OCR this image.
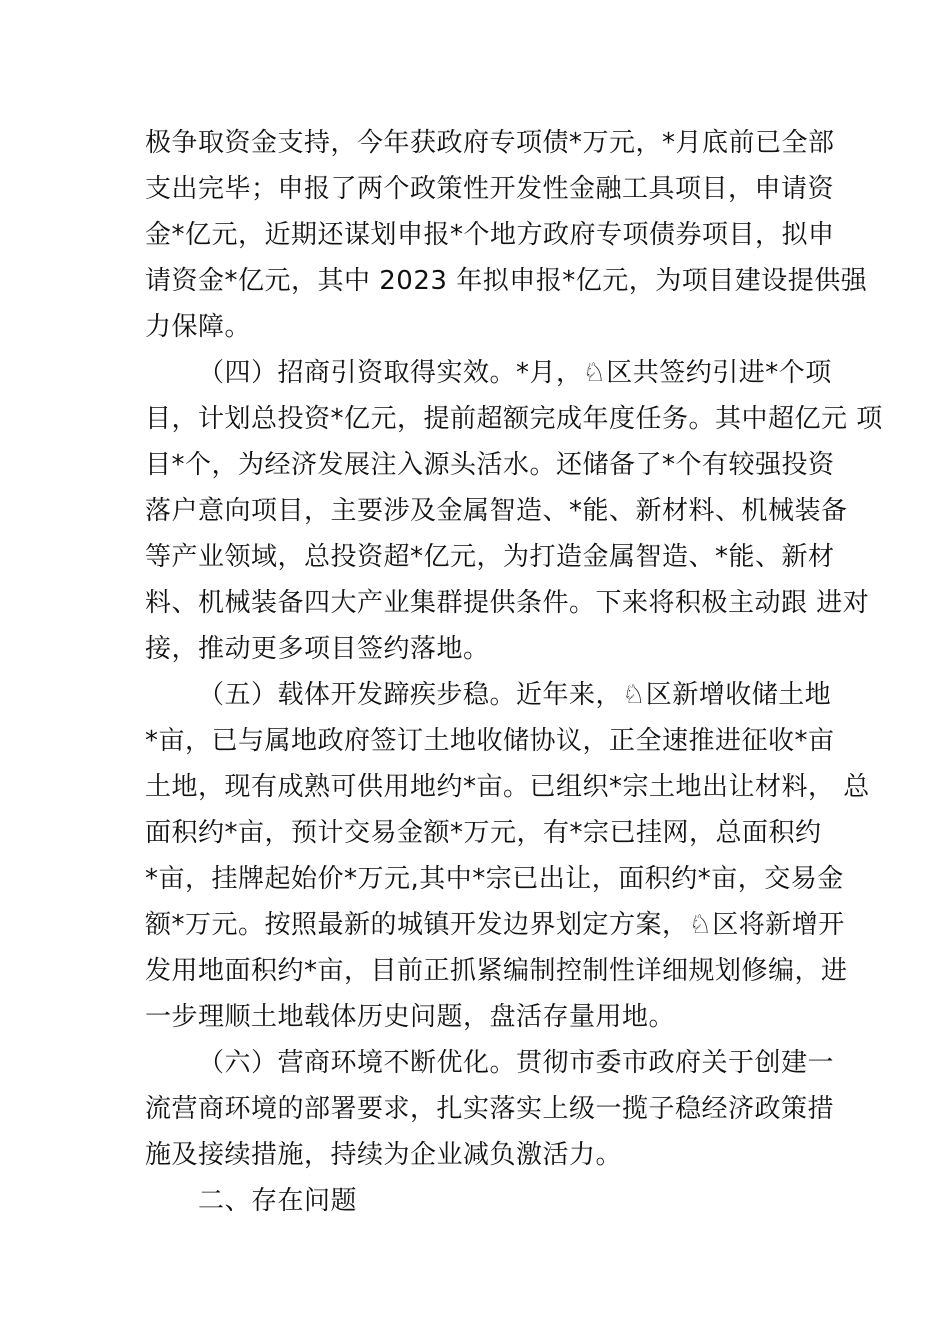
极争取资金支持，今年获政府专项债*万元，*月底前已全部
支出完毕；申报了两个政策性开发性金融工具项目，申请资
金*亿元，近期还谋划申报*个地方政府专项债券项目，拟申
请资金*亿元，其中 2023 年拟申报*亿元，为项目建设提供强
力保障。
（四）招商引资取得实效。*月，♘区共签约引进*个项
目，计划总投资*亿元，提前超额完成年度任务。其中超亿元 项
目*个，为经济发展注入源头活水。还储备了*个有较强投资
落户意向项目，主要涉及金属智造、*能、新材料、机械装备
等产业领域，总投资超*亿元，为打造金属智造、*能、新材
料、机械装备四大产业集群提供条件。下来将积极主动跟 进对
接，推动更多项目签约落地。
（五）载体开发蹄疾步稳。近年来，♘区新增收储土地
*亩，已与属地政府签订土地收储协议，正全速推进征收*亩
土地，现有成熟可供用地约*亩。已组织*宗土地出让材料， 总
面积约*亩，预计交易金额*万元，有*宗已挂网，总面积约
*亩，挂牌起始价*万元,其中*宗已出让，面积约*亩，交易金
额*万元。按照最新的城镇开发边界划定方案，♘区将新增开
发用地面积约*亩，目前正抓紧编制控制性详细规划修编，进
一步理顺土地载体历史问题，盘活存量用地。
（六）营商环境不断优化。贯彻市委市政府关于创建一
流营商环境的部署要求，扎实落实上级一揽子稳经济政策措
施及接续措施，持续为企业减负激活力。
二、存在问题
